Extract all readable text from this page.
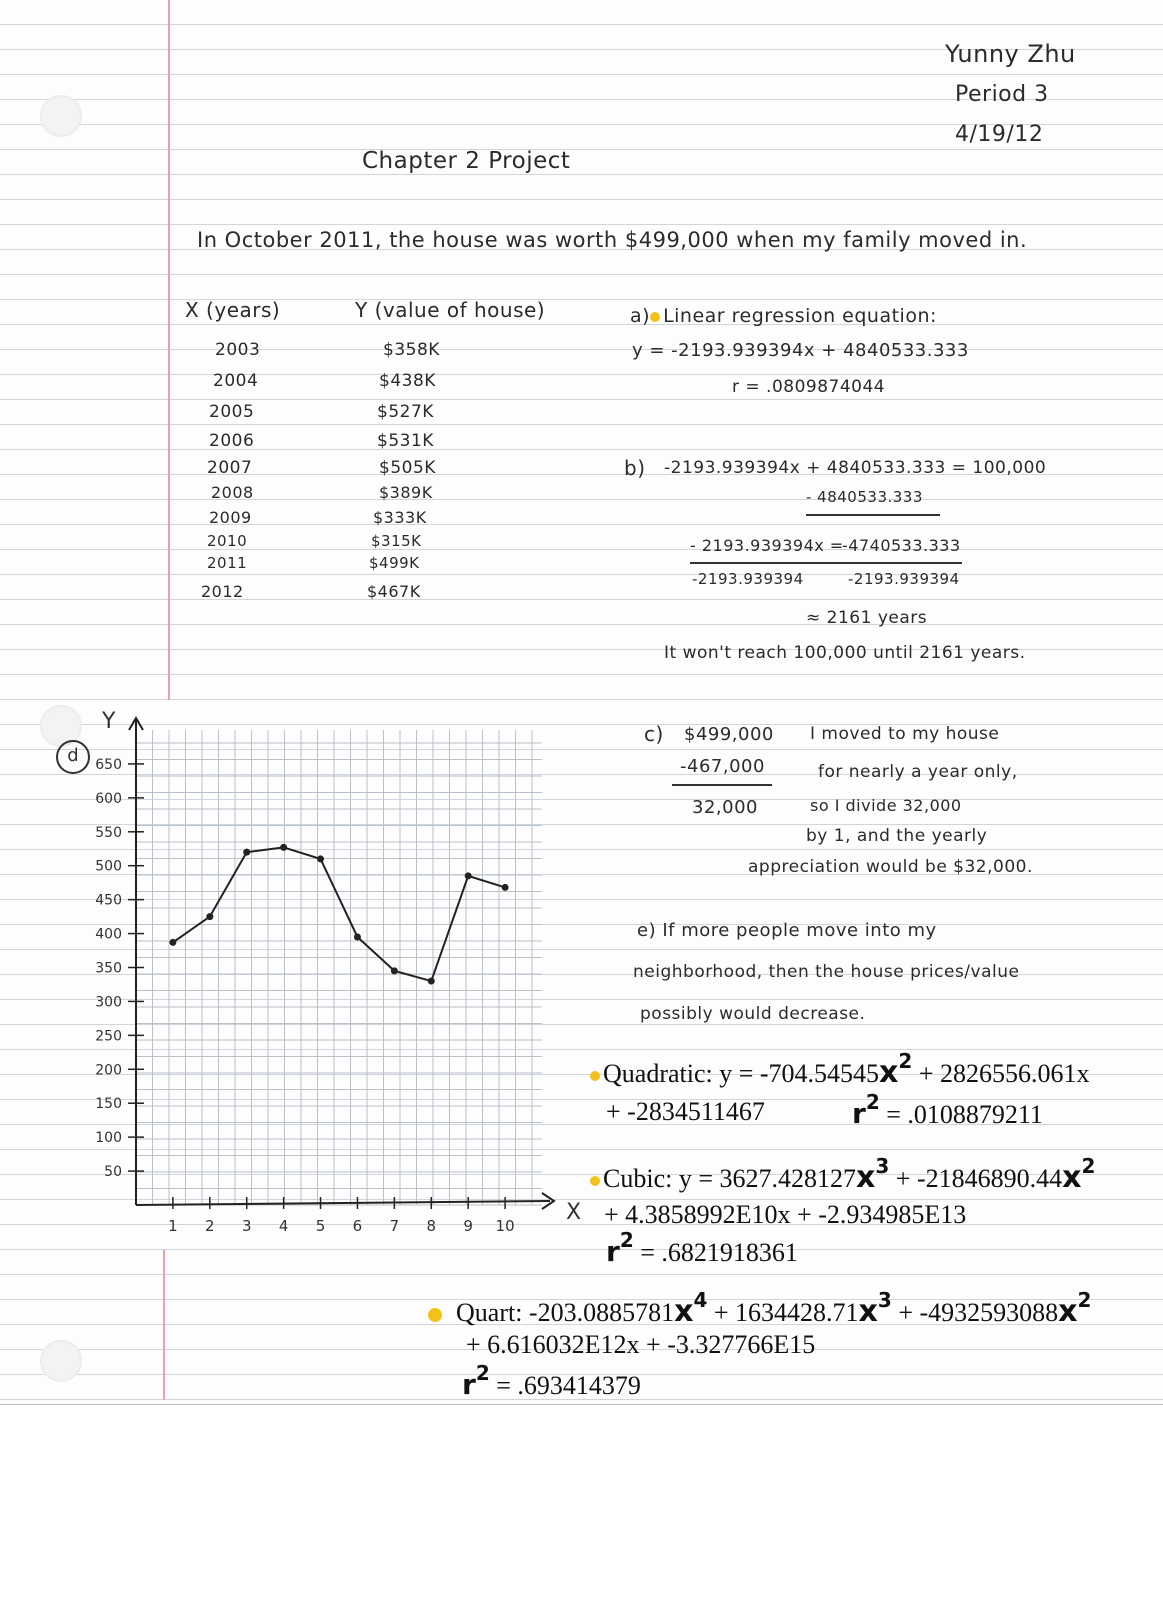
Yunny Zhu
Period 3
4/19/12
Chapter 2 Project
In October 2011, the house was worth $499,000 when my family moved in.
X (years)	Y (value of house)
2003	$358K
2004	$438K
2005	$527K
2006	$531K
2007	$505K
2008	$389K
2009	$333K
2010	$315K
2011	$499K
2012	$467K
a) Linear regression equation:
y = -2193.939394x + 4840533.333
r = .0809874044
b) -2193.939394x + 4840533.333 = 100,000
- 4840533.333
- 2193.939394x =
-4740533.333
-2193.939394	-2193.939394
≈ 2161 years
It won't reach 100,000 until 2161 years.
c) $499,000
-467,000
32,000
I moved to my house
for nearly a year only,
so I divide 32,000
by 1, and the yearly
appreciation would be $32,000.
d
e) If more people move into my
neighborhood, then the house prices/value
possibly would decrease.
Quadratic: $y = -704.54545x^2 + 2826556.061x$
+ -2834511467	$r^2 = .0108879211$
Cubic: $y = 3627.428127x^3 + -21846890.44x^2$
+ 4.3858992E10x + -2.934985E13
$r^2 = .6821918361$
Quart: $-203.0885781x^4 + 1634428.71x^3 + -4932593088x^2$
+ 6.616032E12x + -3.327766E15
$r^2 = .693414379$
50
100
150
200
250
300
350
400
450
500
550
600
650
1 2 3 4 5 6 7 8 9 10
Y
X
